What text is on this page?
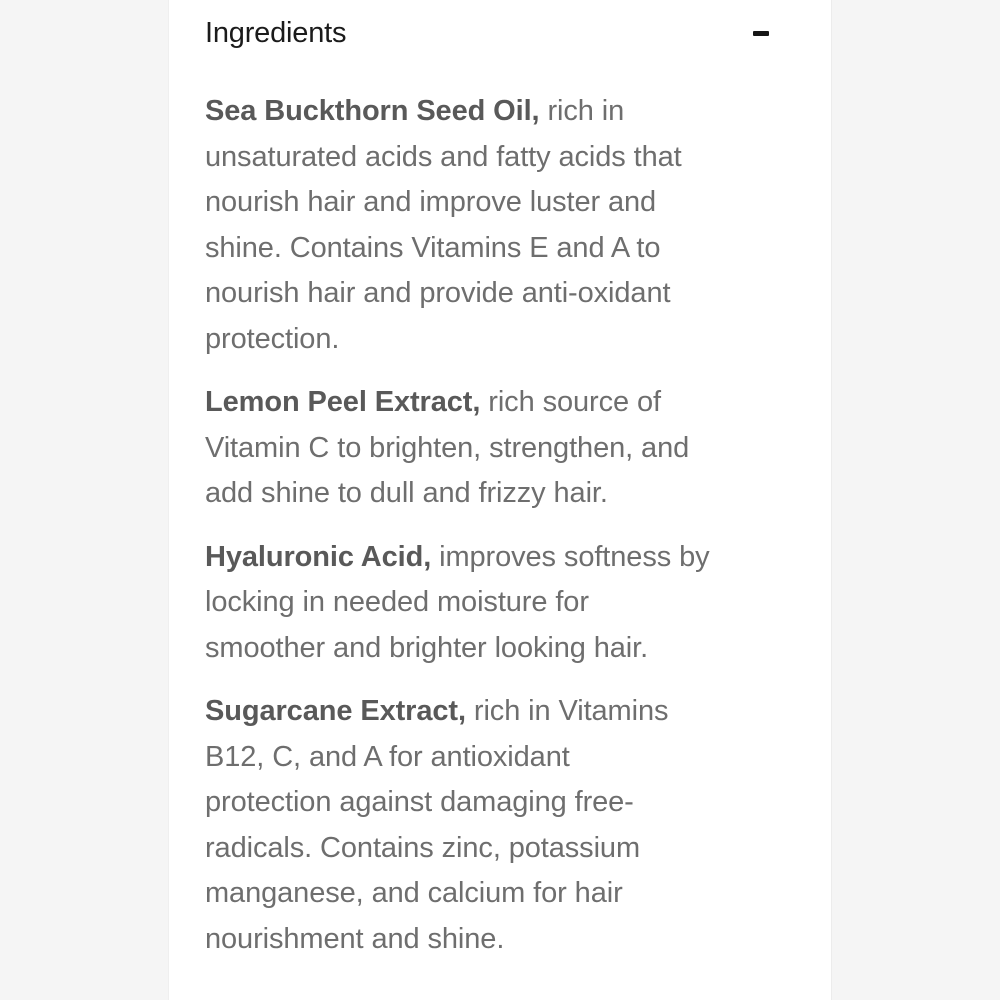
Ingredients

Sea Buckthorn Seed Oil, rich in
unsaturated acids and fatty acids that
nourish hair and improve luster and
shine. Contains Vitamins E and A to
nourish hair and provide anti-oxidant
protection.

Lemon Peel Extract, rich source of
Vitamin C to brighten, strengthen, and
add shine to dull and frizzy hair.

Hyaluronic Acid, improves softness by
locking in needed moisture for
smoother and brighter looking hair.

Sugarcane Extract, rich in Vitamins
B12, C, and A for antioxidant
protection against damaging free-
radicals. Contains zinc, potassium
manganese, and calcium for hair
nourishment and shine.
